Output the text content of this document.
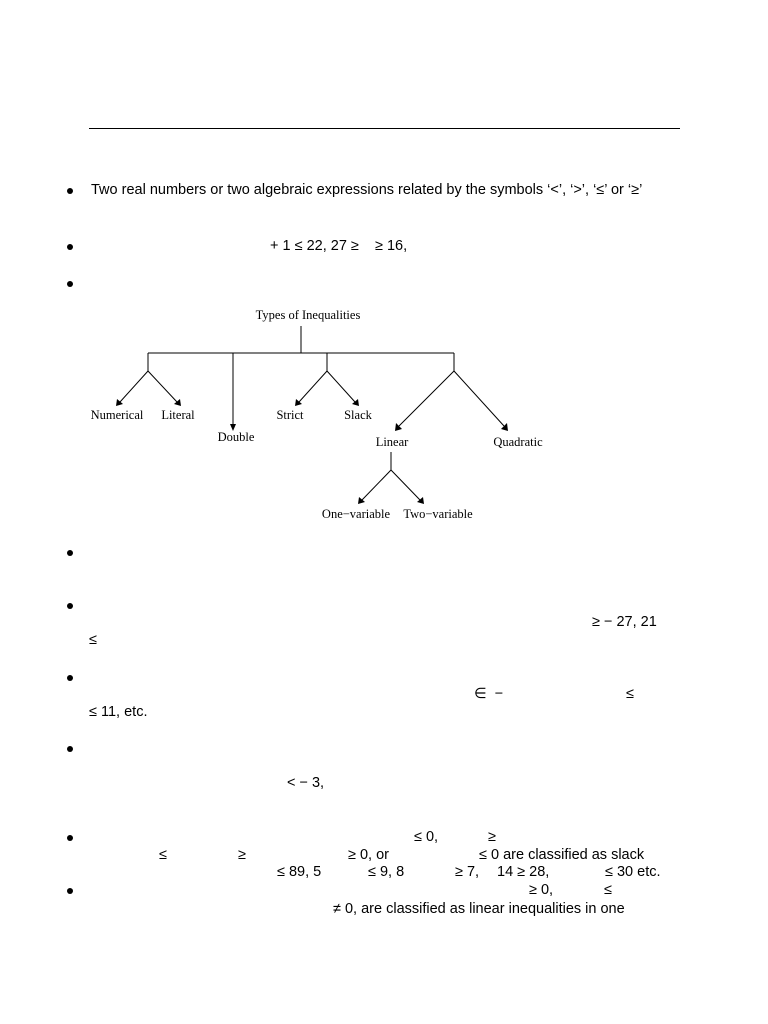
Two real numbers or two algebraic expressions related by the symbols ‘<’, ‘>’, ‘≤’ or ‘≥’
+ 1 ≤ 22, 27 ≥    ≥ 16,
Types of Inequalities
Numerical Literal
Double
Strict	Slack
Linear	Quadratic
One−variable Two−variable
≥ − 27, 21
≤
∈  −	≤
≤ 11, etc.
< − 3,
≤ 0,	≥
≤	≥	≥ 0, or	≤ 0 are classified as slack
≤ 89, 5	≤ 9, 8	≥ 7, 14 ≥ 28,	≤ 30 etc.
≥ 0,	≤
≠ 0, are classified as linear inequalities in one
